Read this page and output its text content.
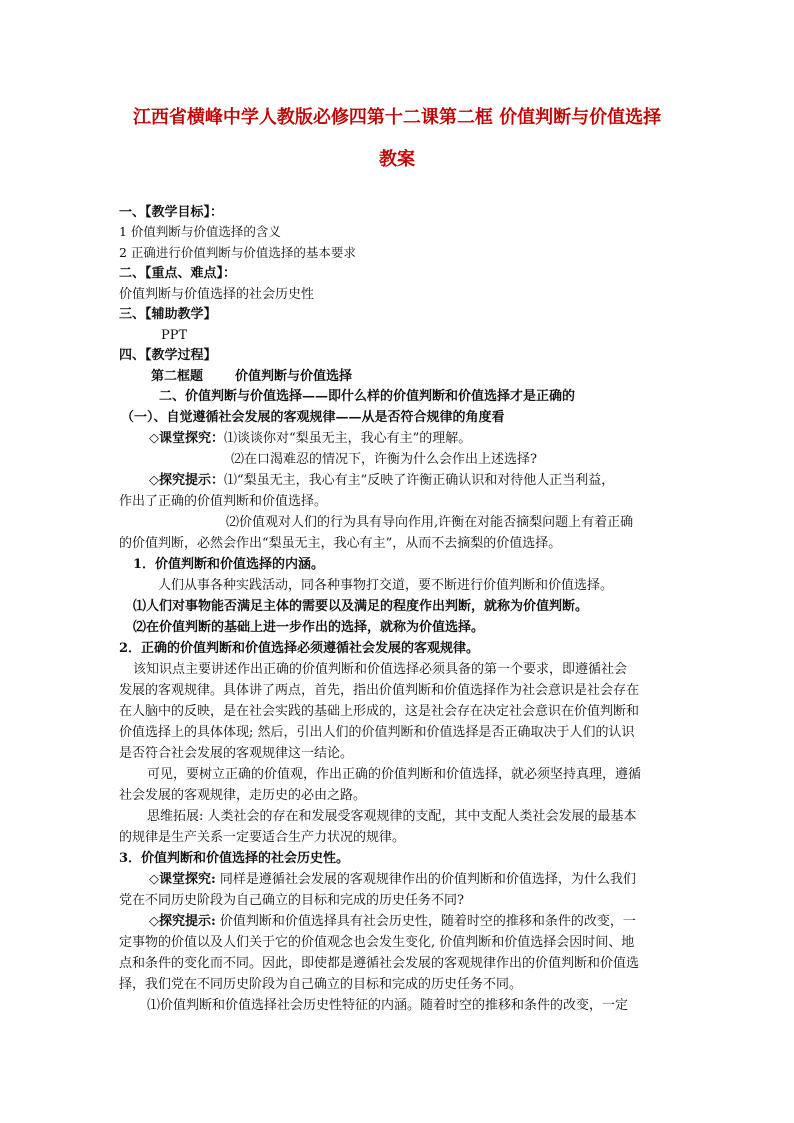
江西省横峰中学人教版必修四第十二课第二框 价值判断与价值选择
教案
一、【教学目标】：
1 价值判断与价值选择的含义
2 正确进行价值判断与价值选择的基本要求
二、【重点、难点】：
价值判断与价值选择的社会历史性
三、【辅助教学】
PPT
四、【教学过程】
第二框题 价值判断与价值选择
二、价值判断与价值选择——即什么样的价值判断和价值选择才是正确的
（一）、自觉遵循社会发展的客观规律——从是否符合规律的角度看
◇课堂探究：⑴谈谈你对“梨虽无主，我心有主”的理解。
⑵在口渴难忍的情况下，许衡为什么会作出上述选择?
◇探究提示：⑴“梨虽无主，我心有主”反映了许衡正确认识和对待他人正当利益，
作出了正确的价值判断和价值选择。
⑵价值观对人们的行为具有导向作用,许衡在对能否摘梨问题上有着正确
的价值判断，必然会作出“梨虽无主，我心有主”，从而不去摘梨的价值选择。
1．价值判断和价值选择的内涵。
人们从事各种实践活动，同各种事物打交道，要不断进行价值判断和价值选择。
⑴人们对事物能否满足主体的需要以及满足的程度作出判断，就称为价值判断。
⑵在价值判断的基础上进一步作出的选择，就称为价值选择。
2．正确的价值判断和价值选择必须遵循社会发展的客观规律。
该知识点主要讲述作出正确的价值判断和价值选择必须具备的第一个要求，即遵循社会
发展的客观规律。具体讲了两点，首先，指出价值判断和价值选择作为社会意识是社会存在
在人脑中的反映，是在社会实践的基础上形成的，这是社会存在决定社会意识在价值判断和
价值选择上的具体体现; 然后，引出人们的价值判断和价值选择是否正确取决于人们的认识
是否符合社会发展的客观规律这一结论。
可见，要树立正确的价值观，作出正确的价值判断和价值选择，就必须坚持真理，遵循
社会发展的客观规律，走历史的必由之路。
思维拓展: 人类社会的存在和发展受客观规律的支配，其中支配人类社会发展的最基本
的规律是生产关系一定要适合生产力状况的规律。
3．价值判断和价值选择的社会历史性。
◇课堂探究: 同样是遵循社会发展的客观规律作出的价值判断和价值选择，为什么我们
党在不同历史阶段为自己确立的目标和完成的历史任务不同?
◇探究提示: 价值判断和价值选择具有社会历史性，随着时空的推移和条件的改变，一
定事物的价值以及人们关于它的价值观念也会发生变化, 价值判断和价值选择会因时间、地
点和条件的变化而不同。因此，即使都是遵循社会发展的客观规律作出的价值判断和价值选
择，我们党在不同历史阶段为自己确立的目标和完成的历史任务不同。
⑴价值判断和价值选择社会历史性特征的内涵。随着时空的推移和条件的改变，一定
